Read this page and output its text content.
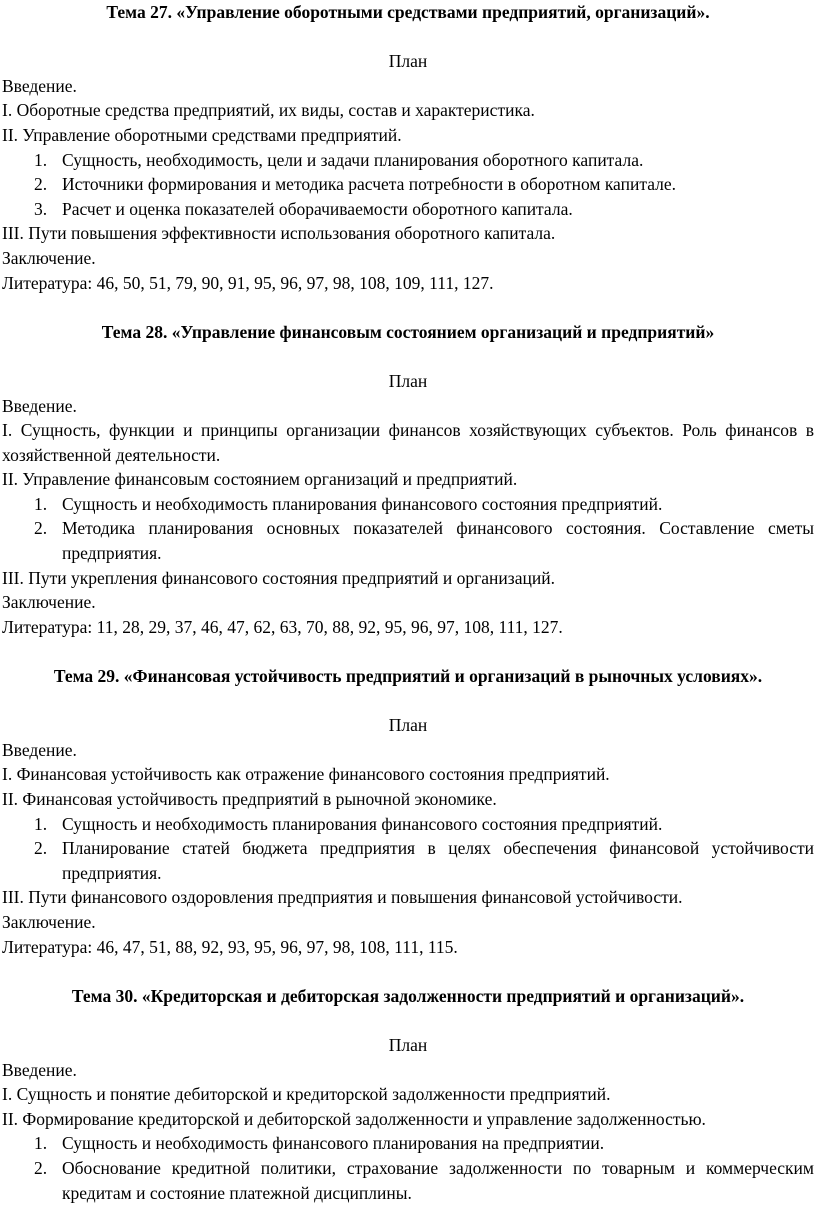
Тема 27. «Управление оборотными средствами предприятий, организаций».

План

Введение.

I. Оборотные средства предприятий, их виды, состав и характеристика.

II. Управление оборотными средствами предприятий.

1. Сущность, необходимость, цели и задачи планирования оборотного капитала.
2. Источники формирования и методика расчета потребности в оборотном капитале.
3. Расчет и оценка показателей оборачиваемости оборотного капитала.

III. Пути повышения эффективности использования оборотного капитала.

Заключение.

Литература: 46, 50, 51, 79, 90, 91, 95, 96, 97, 98, 108, 109, 111, 127.

Тема 28. «Управление финансовым состоянием организаций и предприятий»

План

Введение.

I. Сущность, функции и принципы организации финансов хозяйствующих субъектов. Роль финансов в хозяйственной деятельности.

II. Управление финансовым состоянием организаций и предприятий.

1. Сущность и необходимость планирования финансового состояния предприятий.
2. Методика планирования основных показателей финансового состояния. Составление сметы предприятия.

III. Пути укрепления финансового состояния предприятий и организаций.

Заключение.

Литература: 11, 28, 29, 37, 46, 47, 62, 63, 70, 88, 92, 95, 96, 97, 108, 111, 127.

Тема 29. «Финансовая устойчивость предприятий и организаций в рыночных условиях».

План

Введение.

I. Финансовая устойчивость как отражение финансового состояния предприятий.

II. Финансовая устойчивость предприятий в рыночной экономике.

1. Сущность и необходимость планирования финансового состояния предприятий.
2. Планирование статей бюджета предприятия в целях обеспечения финансовой устойчивости предприятия.

III. Пути финансового оздоровления предприятия и повышения финансовой устойчивости.

Заключение.

Литература: 46, 47, 51, 88, 92, 93, 95, 96, 97, 98, 108, 111, 115.

Тема 30. «Кредиторская и дебиторская задолженности предприятий и организаций».

План

Введение.

I. Сущность и понятие дебиторской и кредиторской задолженности предприятий.

II. Формирование кредиторской и дебиторской задолженности и управление задолженностью.

1. Сущность и необходимость финансового планирования на предприятии.
2. Обоснование кредитной политики, страхование задолженности по товарным и коммерческим кредитам и состояние платежной дисциплины.
